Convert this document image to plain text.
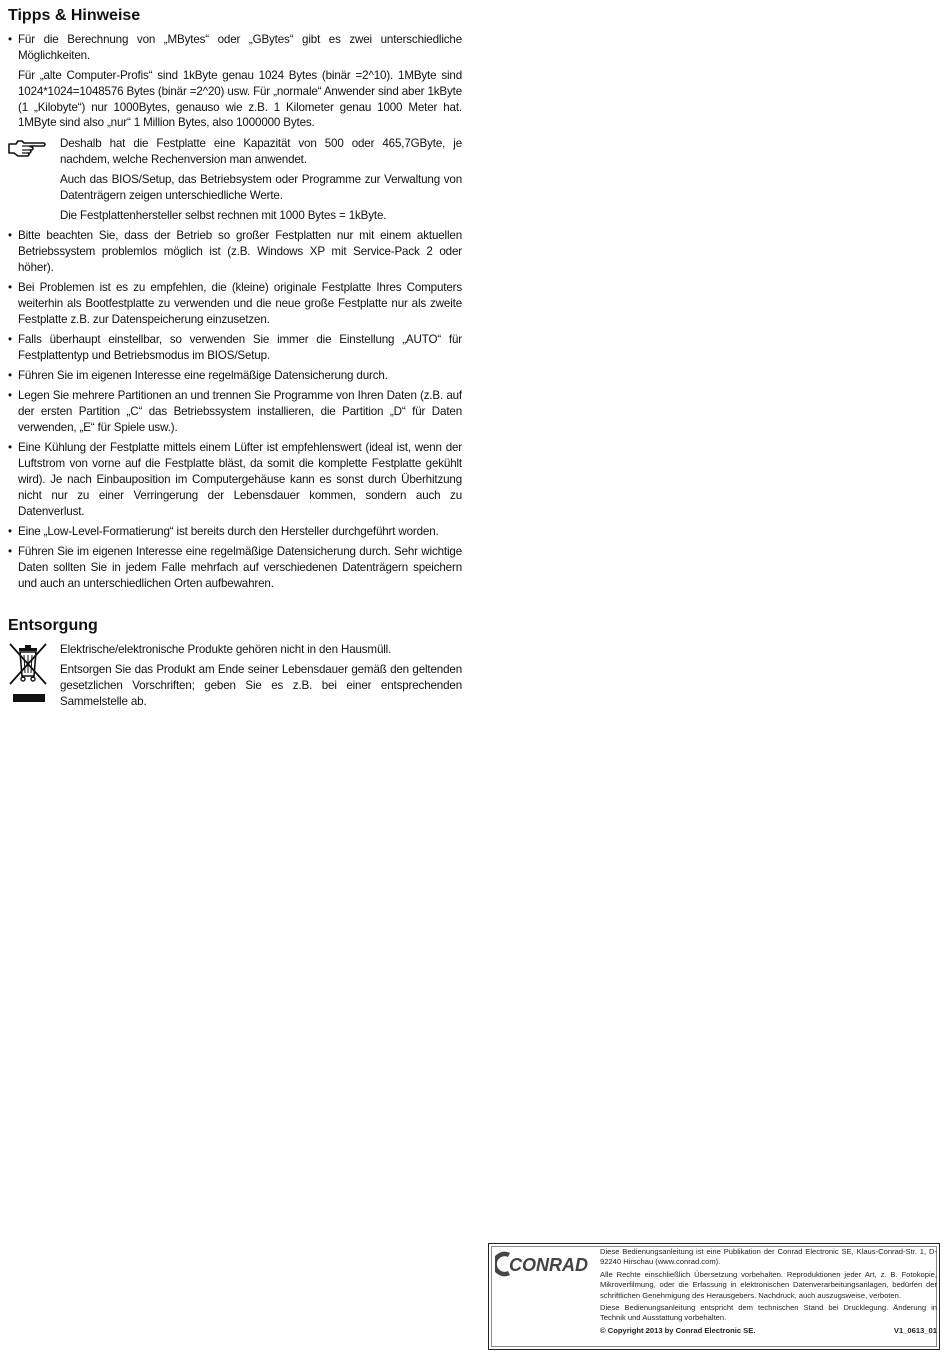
Tipps & Hinweise

• Für die Berechnung von „MBytes“ oder „GBytes“ gibt es zwei unterschiedliche Möglichkeiten.

Für „alte Computer-Profis“ sind 1kByte genau 1024 Bytes (binär =2^10). 1MByte sind 1024*1024=1048576 Bytes (binär =2^20) usw. Für „normale“ Anwender sind aber 1kByte (1 „Kilobyte“) nur 1000Bytes, genauso wie z.B. 1 Kilometer genau 1000 Meter hat. 1MByte sind also „nur“ 1 Million Bytes, also 1000000 Bytes.

Deshalb hat die Festplatte eine Kapazität von 500 oder 465,7GByte, je nachdem, welche Rechenversion man anwendet.

Auch das BIOS/Setup, das Betriebsystem oder Programme zur Verwaltung von Datenträgern zeigen unterschiedliche Werte.

Die Festplattenhersteller selbst rechnen mit 1000 Bytes = 1kByte.

• Bitte beachten Sie, dass der Betrieb so großer Festplatten nur mit einem aktuellen Betriebssystem problemlos möglich ist (z.B. Windows XP mit Service-Pack 2 oder höher).

• Bei Problemen ist es zu empfehlen, die (kleine) originale Festplatte Ihres Computers weiterhin als Bootfestplatte zu verwenden und die neue große Festplatte nur als zweite Festplatte z.B. zur Datenspeicherung einzusetzen.

• Falls überhaupt einstellbar, so verwenden Sie immer die Einstellung „AUTO“ für Festplattentyp und Betriebsmodus im BIOS/Setup.

• Führen Sie im eigenen Interesse eine regelmäßige Datensicherung durch.

• Legen Sie mehrere Partitionen an und trennen Sie Programme von Ihren Daten (z.B. auf der ersten Partition „C“ das Betriebssystem installieren, die Partition „D“ für Daten verwenden, „E“ für Spiele usw.).

• Eine Kühlung der Festplatte mittels einem Lüfter ist empfehlenswert (ideal ist, wenn der Luftstrom von vorne auf die Festplatte bläst, da somit die komplette Festplatte gekühlt wird). Je nach Einbauposition im Computergehäuse kann es sonst durch Überhitzung nicht nur zu einer Verringerung der Lebensdauer kommen, sondern auch zu Datenverlust.

• Eine „Low-Level-Formatierung“ ist bereits durch den Hersteller durchgeführt worden.

• Führen Sie im eigenen Interesse eine regelmäßige Datensicherung durch. Sehr wichtige Daten sollten Sie in jedem Falle mehrfach auf verschiedenen Datenträgern speichern und auch an unterschiedlichen Orten aufbewahren.

Entsorgung

Elektrische/elektronische Produkte gehören nicht in den Hausmüll.

Entsorgen Sie das Produkt am Ende seiner Lebensdauer gemäß den geltenden gesetzlichen Vorschriften; geben Sie es z.B. bei einer entsprechenden Sammelstelle ab.

CONRAD
Diese Bedienungsanleitung ist eine Publikation der Conrad Electronic SE, Klaus-Conrad-Str. 1, D-92240 Hirschau (www.conrad.com).
Alle Rechte einschließlich Übersetzung vorbehalten. Reproduktionen jeder Art, z. B. Fotokopie, Mikroverfilmung, oder die Erfassung in elektronischen Datenverarbeitungsanlagen, bedürfen der schriftlichen Genehmigung des Herausgebers. Nachdruck, auch auszugsweise, verboten.
Diese Bedienungsanleitung entspricht dem technischen Stand bei Drucklegung. Änderung in Technik und Ausstattung vorbehalten.
© Copyright 2013 by Conrad Electronic SE.	V1_0613_01
